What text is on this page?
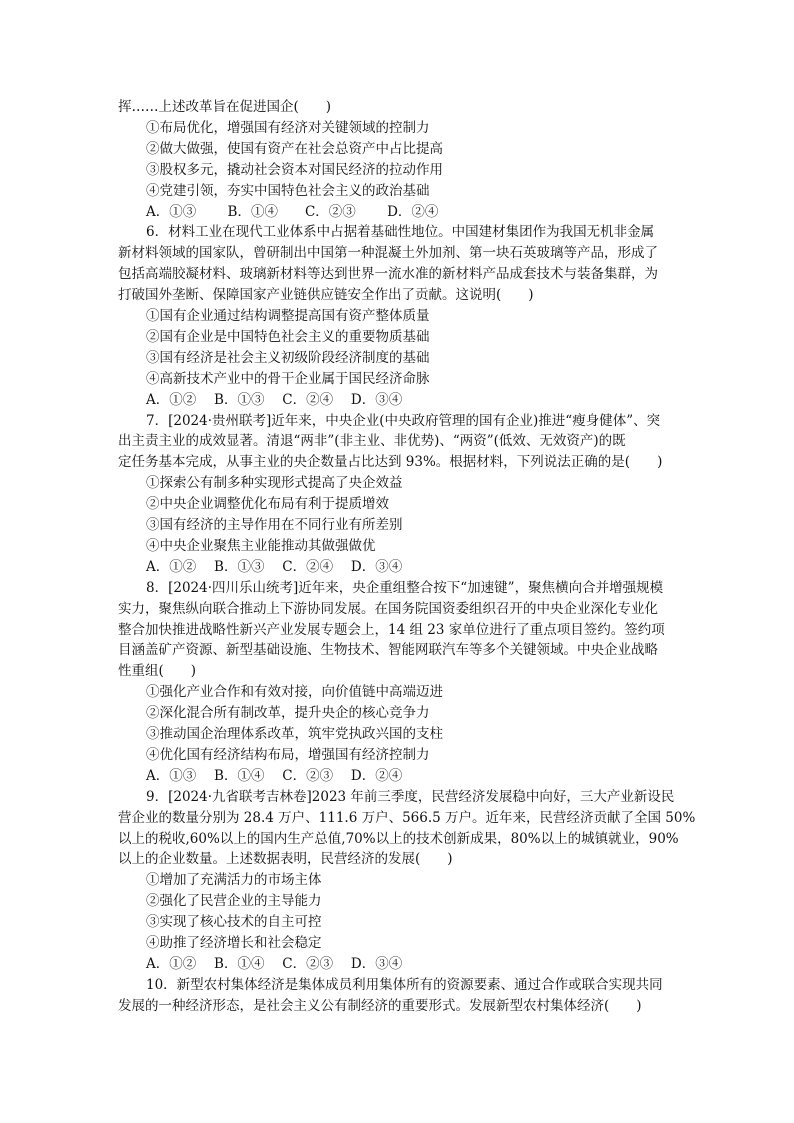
挥……上述改革旨在促进国企(　　)
①布局优化，增强国有经济对关键领域的控制力
②做大做强，使国有资产在社会总资产中占比提高
③股权多元，撬动社会资本对国民经济的拉动作用
④党建引领，夯实中国特色社会主义的政治基础
A．①③　　 B．①④　　C．②③　　 D．②④
6．材料工业在现代工业体系中占据着基础性地位。中国建材集团作为我国无机非金属
新材料领域的国家队，曾研制出中国第一种混凝土外加剂、第一块石英玻璃等产品，形成了
包括高端胶凝材料、玻璃新材料等达到世界一流水准的新材料产品成套技术与装备集群，为
打破国外垄断、保障国家产业链供应链安全作出了贡献。这说明(　　)
①国有企业通过结构调整提高国有资产整体质量
②国有企业是中国特色社会主义的重要物质基础
③国有经济是社会主义初级阶段经济制度的基础
④高新技术产业中的骨干企业属于国民经济命脉
A．①②　 B．①③　 C．②④　 D．③④
7．[2024·贵州联考]近年来，中央企业(中央政府管理的国有企业)推进“瘦身健体”、突
出主责主业的成效显著。清退“两非”(非主业、非优势)、“两资”(低效、无效资产)的既
定任务基本完成，从事主业的央企数量占比达到 93%。根据材料，下列说法正确的是(　　)
①探索公有制多种实现形式提高了央企效益
②中央企业调整优化布局有利于提质增效
③国有经济的主导作用在不同行业有所差别
④中央企业聚焦主业能推动其做强做优
A．①②　 B．①③　 C．②④　 D．③④
8．[2024·四川乐山统考]近年来，央企重组整合按下“加速键”，聚焦横向合并增强规模
实力，聚焦纵向联合推动上下游协同发展。在国务院国资委组织召开的中央企业深化专业化
整合加快推进战略性新兴产业发展专题会上，14 组 23 家单位进行了重点项目签约。签约项
目涵盖矿产资源、新型基础设施、生物技术、智能网联汽车等多个关键领域。中央企业战略
性重组(　　)
①强化产业合作和有效对接，向价值链中高端迈进
②深化混合所有制改革，提升央企的核心竞争力
③推动国企治理体系改革，筑牢党执政兴国的支柱
④优化国有经济结构布局，增强国有经济控制力
A．①③　 B．①④　 C．②③　 D．②④
9．[2024·九省联考吉林卷]2023 年前三季度，民营经济发展稳中向好，三大产业新设民
营企业的数量分别为 28.4 万户、111.6 万户、566.5 万户。近年来，民营经济贡献了全国 50%
以上的税收,60%以上的国内生产总值,70%以上的技术创新成果，80%以上的城镇就业，90%
以上的企业数量。上述数据表明，民营经济的发展(　　)
①增加了充满活力的市场主体
②强化了民营企业的主导能力
③实现了核心技术的自主可控
④助推了经济增长和社会稳定
A．①②　 B．①④　 C．②③　 D．③④
10．新型农村集体经济是集体成员利用集体所有的资源要素、通过合作或联合实现共同
发展的一种经济形态，是社会主义公有制经济的重要形式。发展新型农村集体经济(　　)
